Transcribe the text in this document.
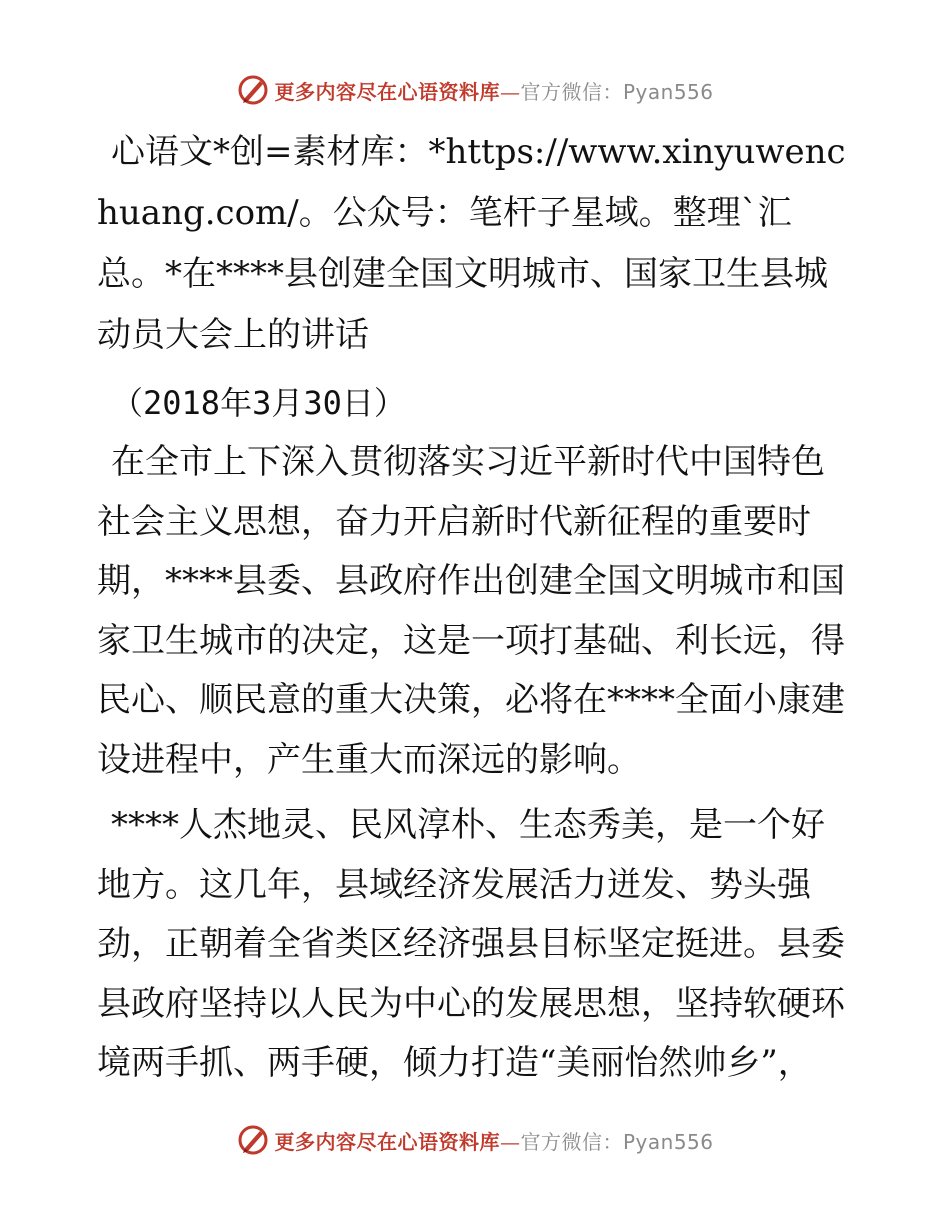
更多内容尽在心语资料库—官方微信：Pyan556

心语文*创=素材库：*https://www.xinyuwenchuang.com/。公众号：笔杆子星域。整理`汇总。*在****县创建全国文明城市、国家卫生县城动员大会上的讲话

（2018年3月30日）

在全市上下深入贯彻落实习近平新时代中国特色社会主义思想，奋力开启新时代新征程的重要时期，****县委、县政府作出创建全国文明城市和国家卫生城市的决定，这是一项打基础、利长远，得民心、顺民意的重大决策，必将在****全面小康建设进程中，产生重大而深远的影响。

****人杰地灵、民风淳朴、生态秀美，是一个好地方。这几年，县域经济发展活力迸发、势头强劲，正朝着全省类区经济强县目标坚定挺进。县委县政府坚持以人民为中心的发展思想，坚持软硬环境两手抓、两手硬，倾力打造“美丽怡然帅乡”，

更多内容尽在心语资料库—官方微信：Pyan556
